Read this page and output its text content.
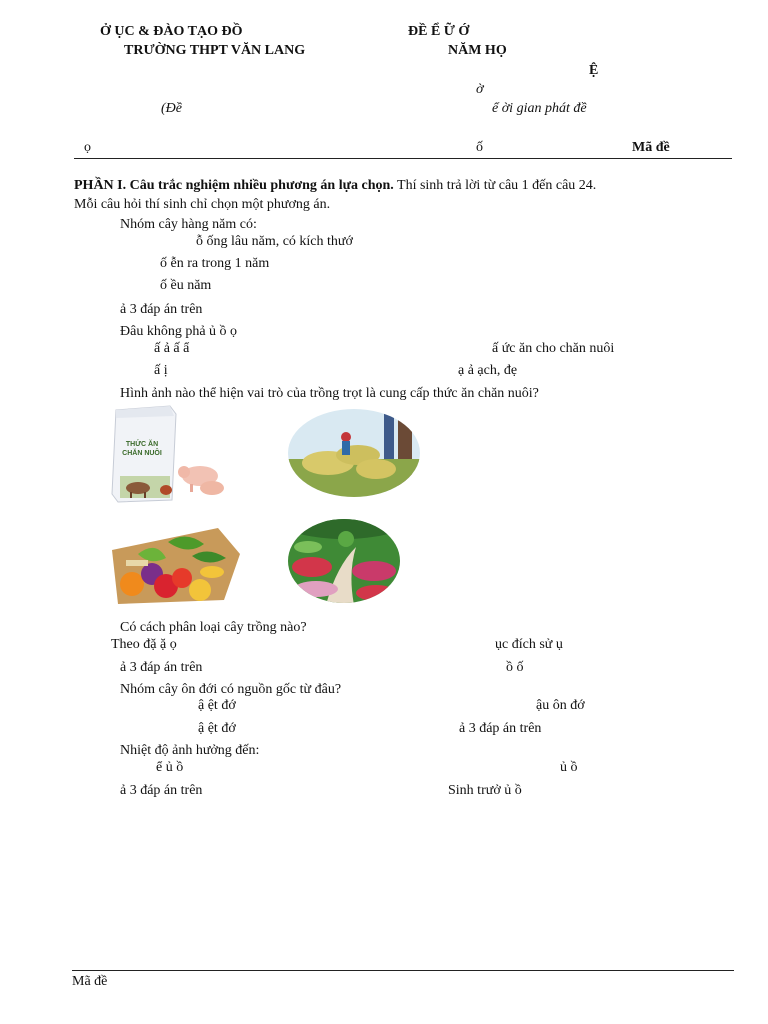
Ở ỤC & ĐÀO TẠO ĐỒ
TRƯỜNG THPT VĂN LANG
ĐỀ Ể Ữ Ớ
NĂM HỌ
Ệ
ờ
(Đề	ể ời gian phát đề
ọ	ố	Mã đề
PHẦN I. Câu trắc nghiệm nhiều phương án lựa chọn. Thí sinh trả lời từ câu 1 đến câu 24.
Mỗi câu hỏi thí sinh chỉ chọn một phương án.
Nhóm cây hàng năm có:
ỗ ống lâu năm, có kích thướ
ố ễn ra trong 1 năm
ố ều năm
ả 3 đáp án trên
Đâu không phả ủ ồ ọ
ấ ả ấ ẩ	ấ ức ăn cho chăn nuôi
ấ ị	ạ ả ạch, đẹ
Hình ảnh nào thể hiện vai trò của trồng trọt là cung cấp thức ăn chăn nuôi?
THỨC ĂN
CHĂN NUÔI
Có cách phân loại cây trồng nào?
Theo đặ ặ ọ	ục đích sử ụ
ả 3 đáp án trên	ồ ố
Nhóm cây ôn đới có nguồn gốc từ đâu?
ậ ệt đớ	ậu ôn đớ
ậ ệt đớ	ả 3 đáp án trên
Nhiệt độ ảnh hưởng đến:
ể ủ ồ	ủ ồ
ả 3 đáp án trên	Sinh trưở ủ ồ
Mã đề
